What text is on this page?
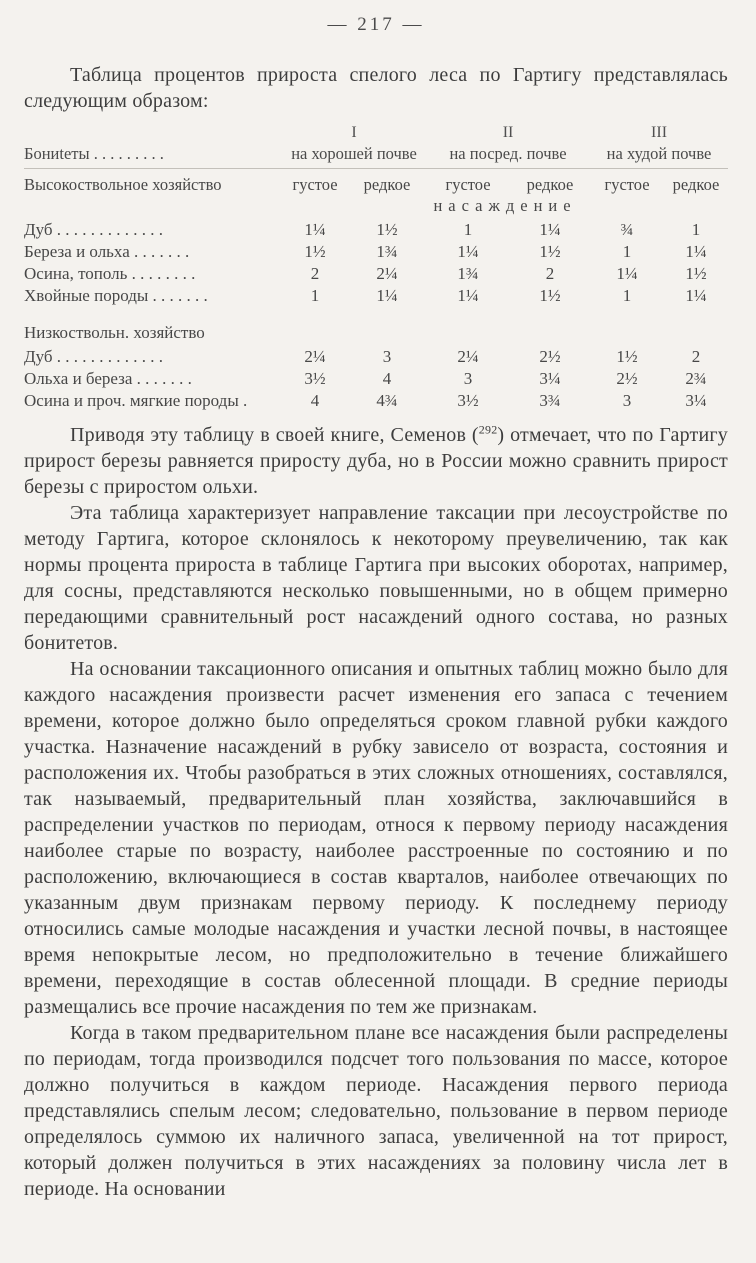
— 217 —

Таблица процентов прироста спелого леса по Гартигу представлялась следующим образом:

	I		II		III	
Бониteты . . . . . . . . .	на хорошей почве		на посред. почве		на худой почве	
Высокоствольное хозяйство	густое	редкое	густое	редкое	густое	редкое
	насаждение					
Дуб . . . . . . . . . . . . .	1¼	1½	1	1¼	¾	1
Береза и ольха . . . . . . .	1½	1¾	1¼	1½	1	1¼
Осина, тополь . . . . . . . .	2	2¼	1¾	2	1¼	1½
Хвойные породы . . . . . . .	1	1¼	1¼	1½	1	1¼
Низкоствольн. хозяйство						
Дуб . . . . . . . . . . . . .	2¼	3	2¼	2½	1½	2
Ольха и береза . . . . . . .	3½	4	3	3¼	2½	2¾
Осина и проч. мягкие породы .	4	4¾	3½	3¾	3	3¼

Приводя эту таблицу в своей книге, Семенов ($^{292}$) отмечает, что по Гартигу прирост березы равняется приросту дуба, но в России можно сравнить прирост березы с приростом ольхи.

Эта таблица характеризует направление таксации при лесоустройстве по методу Гартига, которое склонялось к некоторому преувеличению, так как нормы процента прироста в таблице Гартига при высоких оборотах, например, для сосны, представляются несколько повышенными, но в общем примерно передающими сравнительный рост насаждений одного состава, но разных бонитетов.

На основании таксационного описания и опытных таблиц можно было для каждого насаждения произвести расчет изменения его запаса с течением времени, которое должно было определяться сроком главной рубки каждого участка. Назначение насаждений в рубку зависело от возраста, состояния и расположения их. Чтобы разобраться в этих сложных отношениях, составлялся, так называемый, предварительный план хозяйства, заключавшийся в распределении участков по периодам, относя к первому периоду насаждения наиболее старые по возрасту, наиболее расстроенные по состоянию и по расположению, включающиеся в состав кварталов, наиболее отвечающих по указанным двум признакам первому периоду. К последнему периоду относились самые молодые насаждения и участки лесной почвы, в настоящее время непокрытые лесом, но предположительно в течение ближайшего времени, переходящие в состав облесенной площади. В средние периоды размещались все прочие насаждения по тем же признакам.

Когда в таком предварительном плане все насаждения были распределены по периодам, тогда производился подсчет того пользования по массе, которое должно получиться в каждом периоде. Насаждения первого периода представлялись спелым лесом; следовательно, пользование в первом периоде определялось суммою их наличного запаса, увеличенной на тот прирост, который должен получиться в этих насаждениях за половину числа лет в периоде. На основании
